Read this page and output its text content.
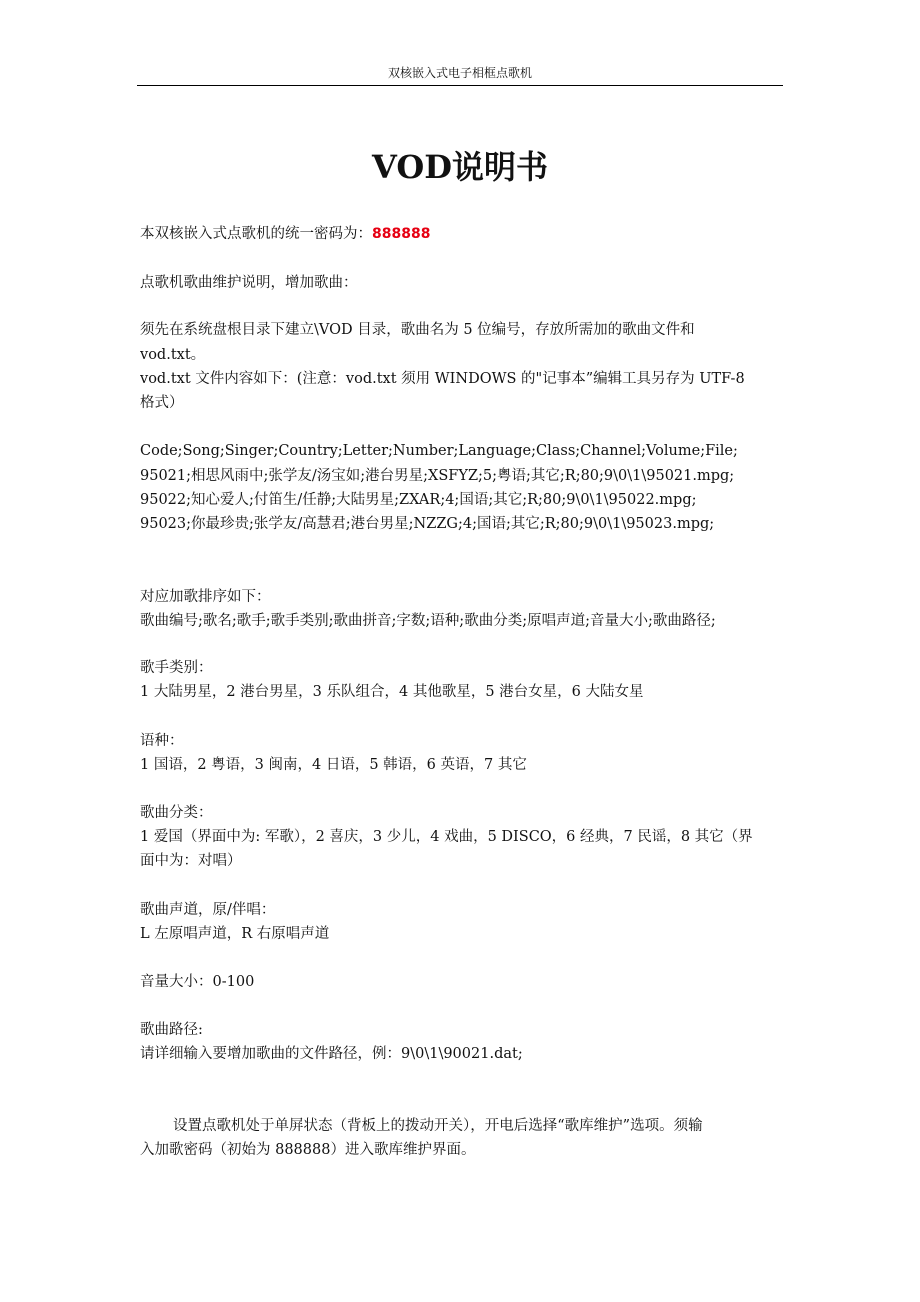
双核嵌入式电子相框点歌机
VOD说明书
本双核嵌入式点歌机的统一密码为：888888
点歌机歌曲维护说明，增加歌曲：
须先在系统盘根目录下建立\VOD 目录，歌曲名为 5 位编号，存放所需加的歌曲文件和
vod.txt。
vod.txt 文件内容如下：(注意：vod.txt 须用 WINDOWS 的"记事本”编辑工具另存为 UTF-8
格式）
Code;Song;Singer;Country;Letter;Number;Language;Class;Channel;Volume;File;
95021;相思风雨中;张学友/汤宝如;港台男星;XSFYZ;5;粤语;其它;R;80;9\0\1\95021.mpg;
95022;知心爱人;付笛生/任静;大陆男星;ZXAR;4;国语;其它;R;80;9\0\1\95022.mpg;
95023;你最珍贵;张学友/高慧君;港台男星;NZZG;4;国语;其它;R;80;9\0\1\95023.mpg;
对应加歌排序如下：
歌曲编号;歌名;歌手;歌手类别;歌曲拼音;字数;语种;歌曲分类;原唱声道;音量大小;歌曲路径;
歌手类别：
1 大陆男星，2 港台男星，3 乐队组合，4 其他歌星，5 港台女星，6 大陆女星
语种：
1 国语，2 粤语，3 闽南，4 日语，5 韩语，6 英语，7 其它
歌曲分类：
1 爱国（界面中为: 军歌），2 喜庆，3 少儿，4 戏曲，5 DISCO，6 经典，7 民谣，8 其它（界
面中为：对唱）
歌曲声道，原/伴唱：
L 左原唱声道，R 右原唱声道
音量大小：0-100
歌曲路径:
请详细输入要增加歌曲的文件路径，例：9\0\1\90021.dat;
设置点歌机处于单屏状态（背板上的拨动开关），开电后选择“歌库维护”选项。须输
入加歌密码（初始为 888888）进入歌库维护界面。
